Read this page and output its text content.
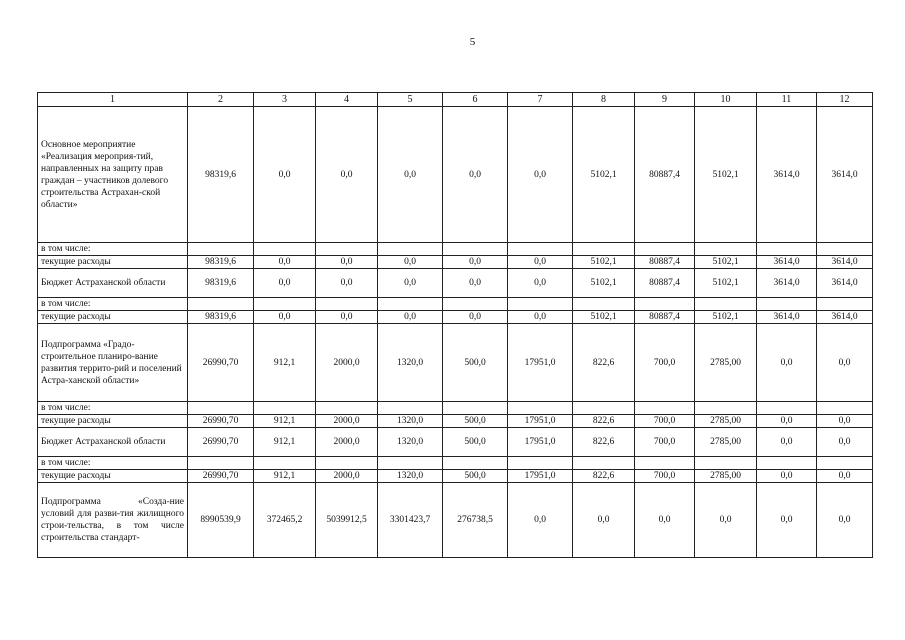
5
1	2	3	4	5	6	7	8	9	10	11	12
Основное мероприятие «Реализация мероприя-тий, направленных на защиту прав граждан – участников долевого строительства Астрахан-ской области»	98319,6	0,0	0,0	0,0	0,0	0,0	5102,1	80887,4	5102,1	3614,0	3614,0
в том числе:											
текущие расходы	98319,6	0,0	0,0	0,0	0,0	0,0	5102,1	80887,4	5102,1	3614,0	3614,0
Бюджет Астраханской области	98319,6	0,0	0,0	0,0	0,0	0,0	5102,1	80887,4	5102,1	3614,0	3614,0
в том числе:											
текущие расходы	98319,6	0,0	0,0	0,0	0,0	0,0	5102,1	80887,4	5102,1	3614,0	3614,0
Подпрограмма «Градо-строительное планиро-вание развития террито-рий и поселений Астра-ханской области»	26990,70	912,1	2000,0	1320,0	500,0	17951,0	822,6	700,0	2785,00	0,0	0,0
в том числе:											
текущие расходы	26990,70	912,1	2000,0	1320,0	500,0	17951,0	822,6	700,0	2785,00	0,0	0,0
Бюджет Астраханской области	26990,70	912,1	2000,0	1320,0	500,0	17951,0	822,6	700,0	2785,00	0,0	0,0
в том числе:											
текущие расходы	26990,70	912,1	2000,0	1320,0	500,0	17951,0	822,6	700,0	2785,00	0,0	0,0
Подпрограмма «Созда-ние условий для разви-тия жилищного строи-тельства, в том числе строительства стандарт-	8990539,9	372465,2	5039912,5	3301423,7	276738,5	0,0	0,0	0,0	0,0	0,0	0,0
